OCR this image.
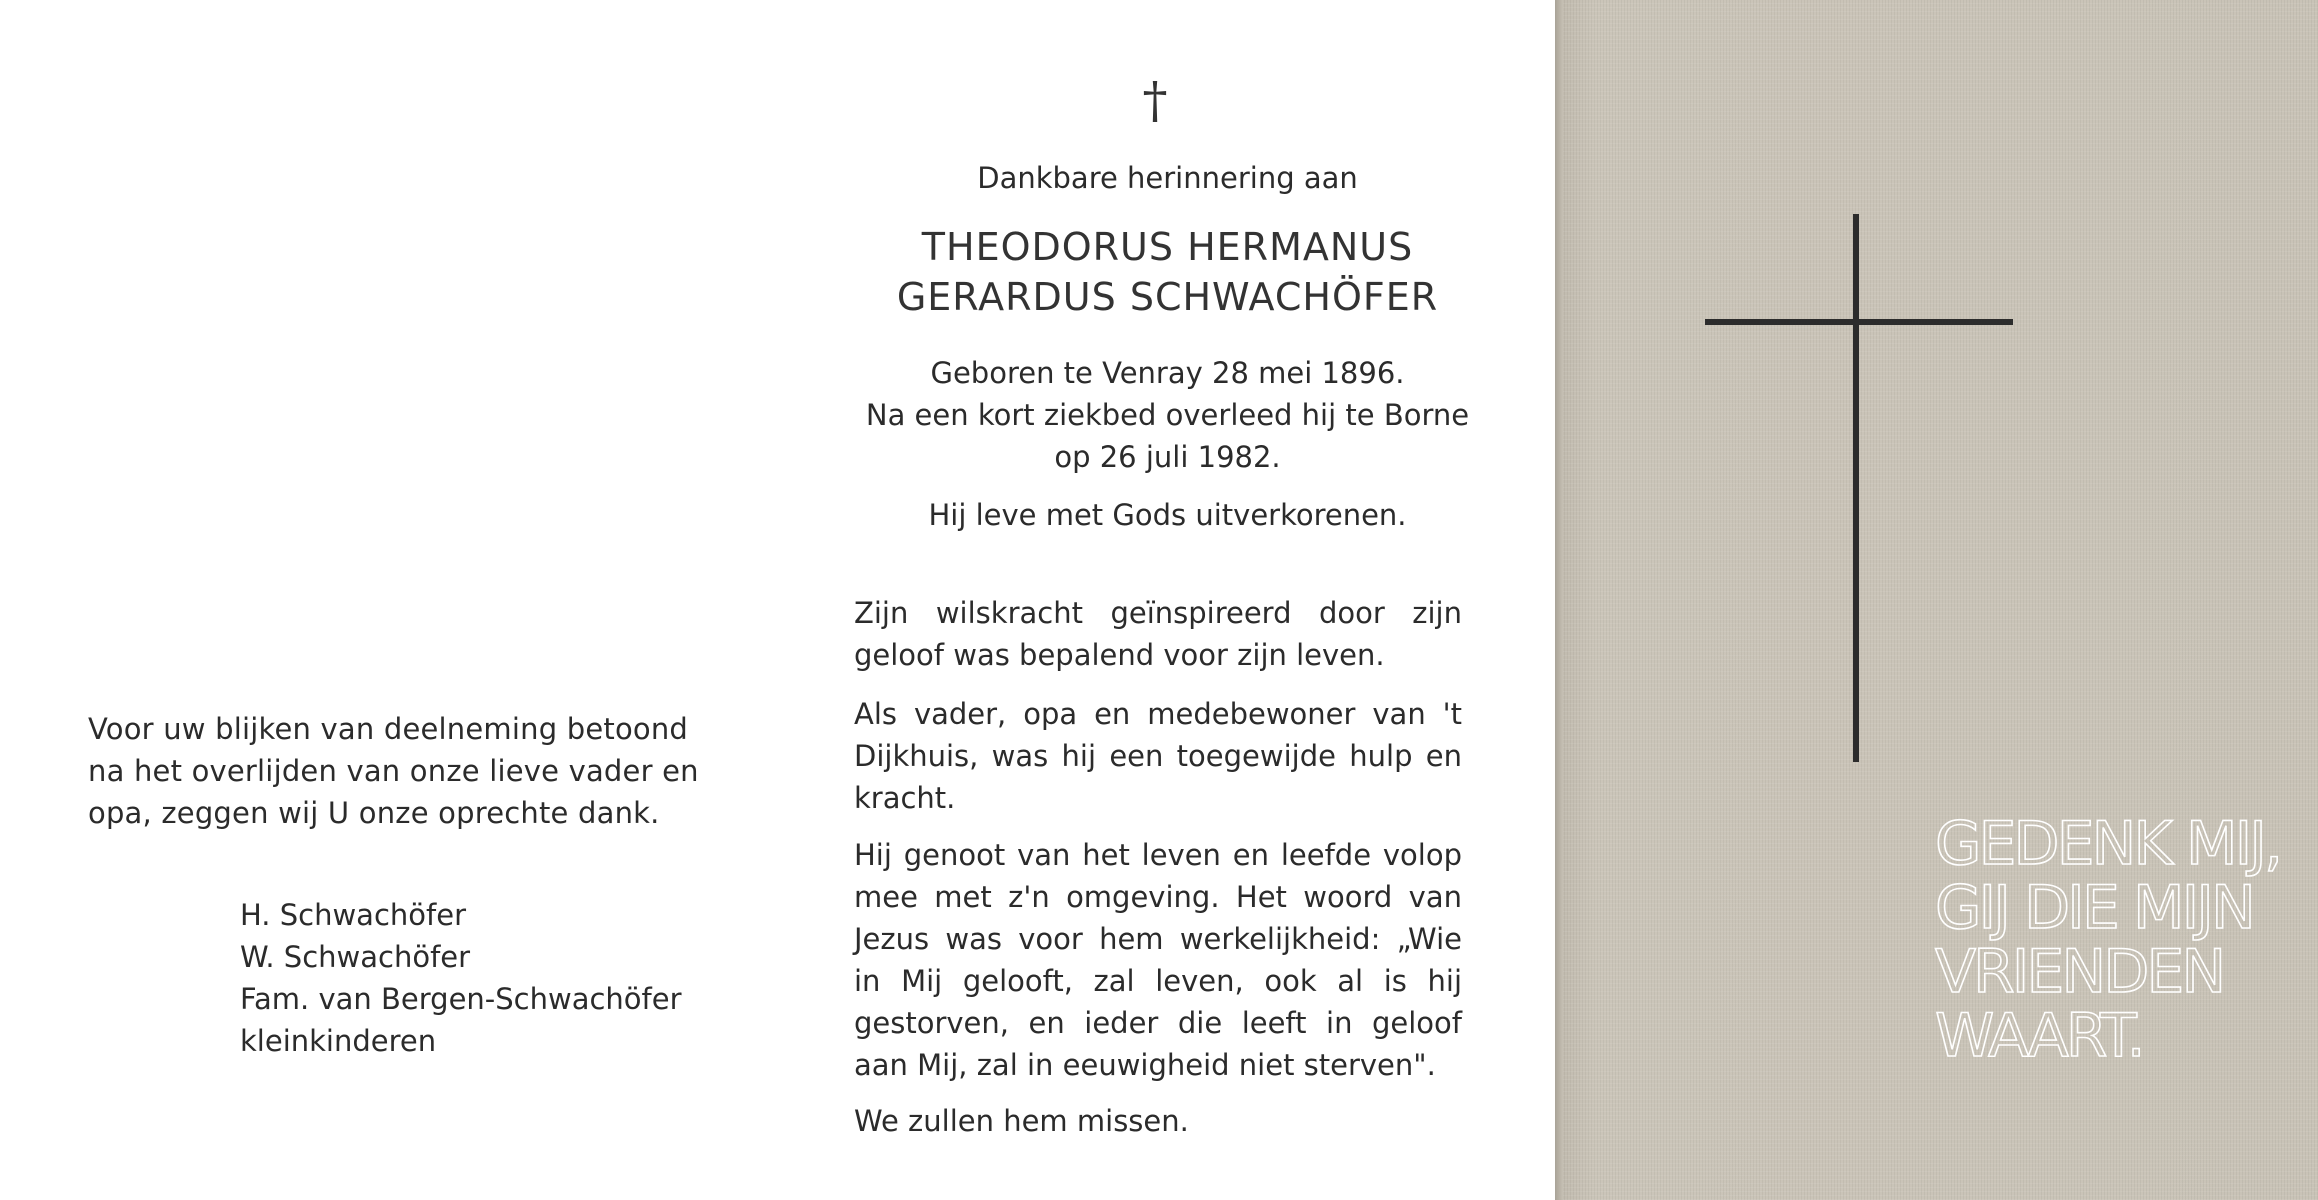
Voor uw blijken van deelneming betoond na het overlijden van onze lieve vader en opa, zeggen wij U onze oprechte dank.
H. Schwachöfer
W. Schwachöfer
Fam. van Bergen-Schwachöfer
kleinkinderen
†
Dankbare herinnering aan
THEODORUS HERMANUS
GERARDUS SCHWACHÖFER
Geboren te Venray 28 mei 1896.
Na een kort ziekbed overleed hij te Borne
op 26 juli 1982.
Hij leve met Gods uitverkorenen.
Zijn wilskracht geïnspireerd door zijn geloof was bepalend voor zijn leven.
Als vader, opa en medebewoner van 't Dijkhuis, was hij een toegewijde hulp en kracht.
Hij genoot van het leven en leefde volop mee met z'n omgeving. Het woord van Jezus was voor hem werkelijkheid: „Wie in Mij gelooft, zal leven, ook al is hij gestorven, en ieder die leeft in geloof aan Mij, zal in eeuwigheid niet sterven".
We zullen hem missen.
GEDENK MIJ,
GIJ DIE MIJN
VRIENDEN
WAART.
